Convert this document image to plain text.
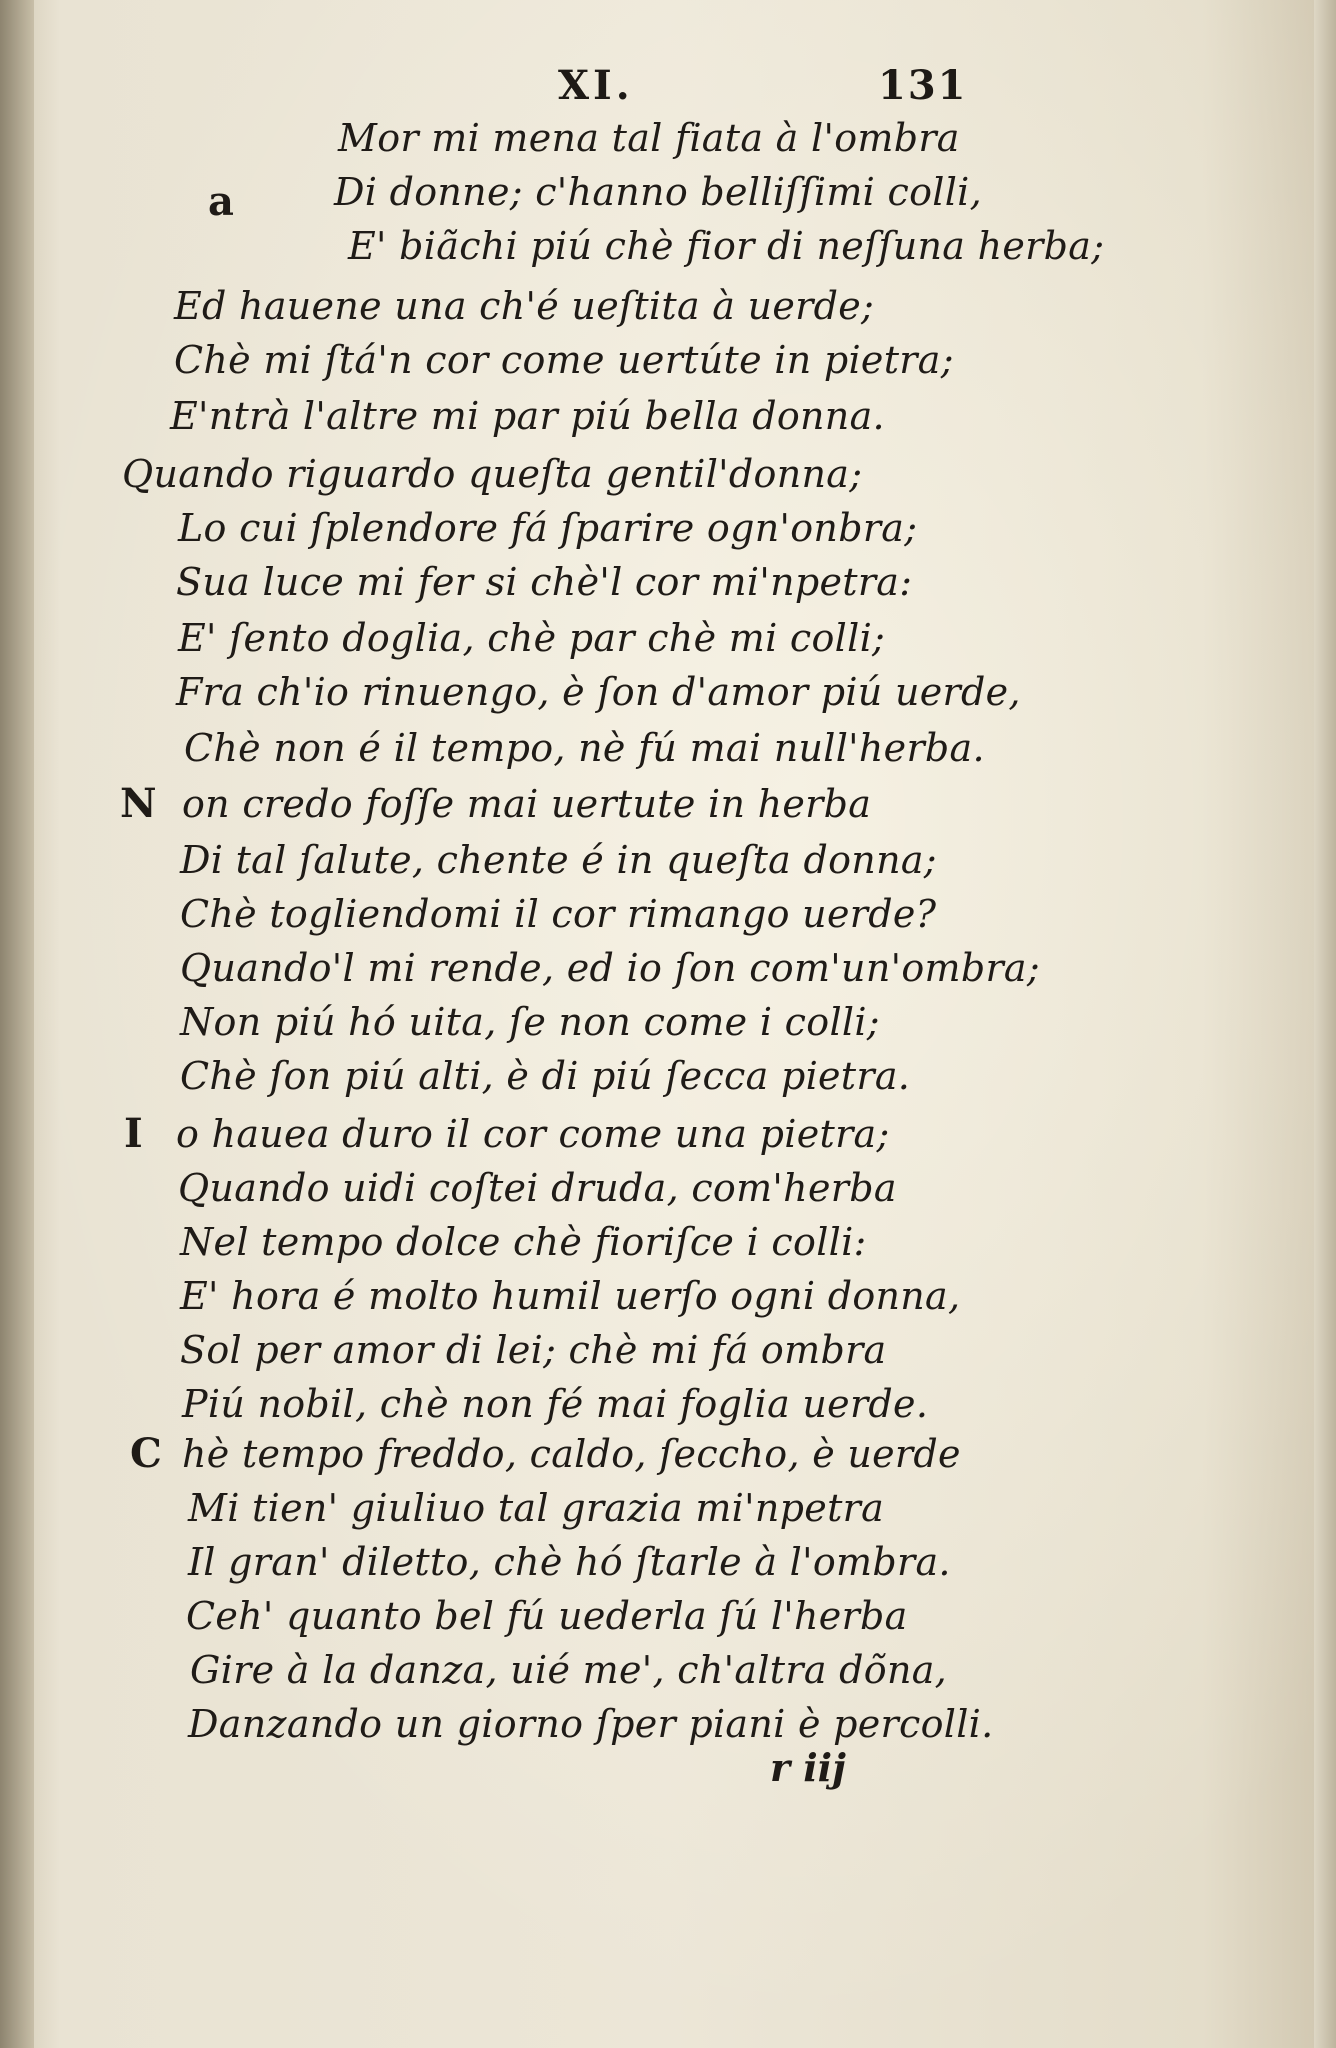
XI.	131
a
N
I
C
Mor mi mena tal fiata à l'ombra
Di donne; c'hanno belliſſimi colli,
E' biãchi piú chè fior di neſſuna herba;
Ed hauene una ch'é ueſtita à uerde;
Chè mi ſtá'n cor come uertúte in pietra;
E'ntrà l'altre mi par piú bella donna.
Quando riguardo queſta gentil'donna;
Lo cui ſplendore fá ſparire ogn'onbra;
Sua luce mi fer si chè'l cor mi'npetra:
E' ſento doglia, chè par chè mi colli;
Fra ch'io rinuengo, è ſon d'amor piú uerde,
Chè non é il tempo, nè fú mai null'herba.
on credo foſſe mai uertute in herba
Di tal ſalute, chente é in queſta donna;
Chè togliendomi il cor rimango uerde?
Quando'l mi rende, ed io ſon com'un'ombra;
Non piú hó uita, ſe non come i colli;
Chè ſon piú alti, è di piú ſecca pietra.
o hauea duro il cor come una pietra;
Quando uidi coſtei druda, com'herba
Nel tempo dolce chè fioriſce i colli:
E' hora é molto humil uerſo ogni donna,
Sol per amor di lei; chè mi fá ombra
Piú nobil, chè non fé mai foglia uerde.
hè tempo freddo, caldo, ſeccho, è uerde
Mi tien' giuliuo tal grazia mi'npetra
Il gran' diletto, chè hó ſtarle à l'ombra.
Ceh' quanto bel fú uederla ſú l'herba
Gire à la danza, uié me', ch'altra dõna,
Danzando un giorno ſper piani è percolli.
r iij
